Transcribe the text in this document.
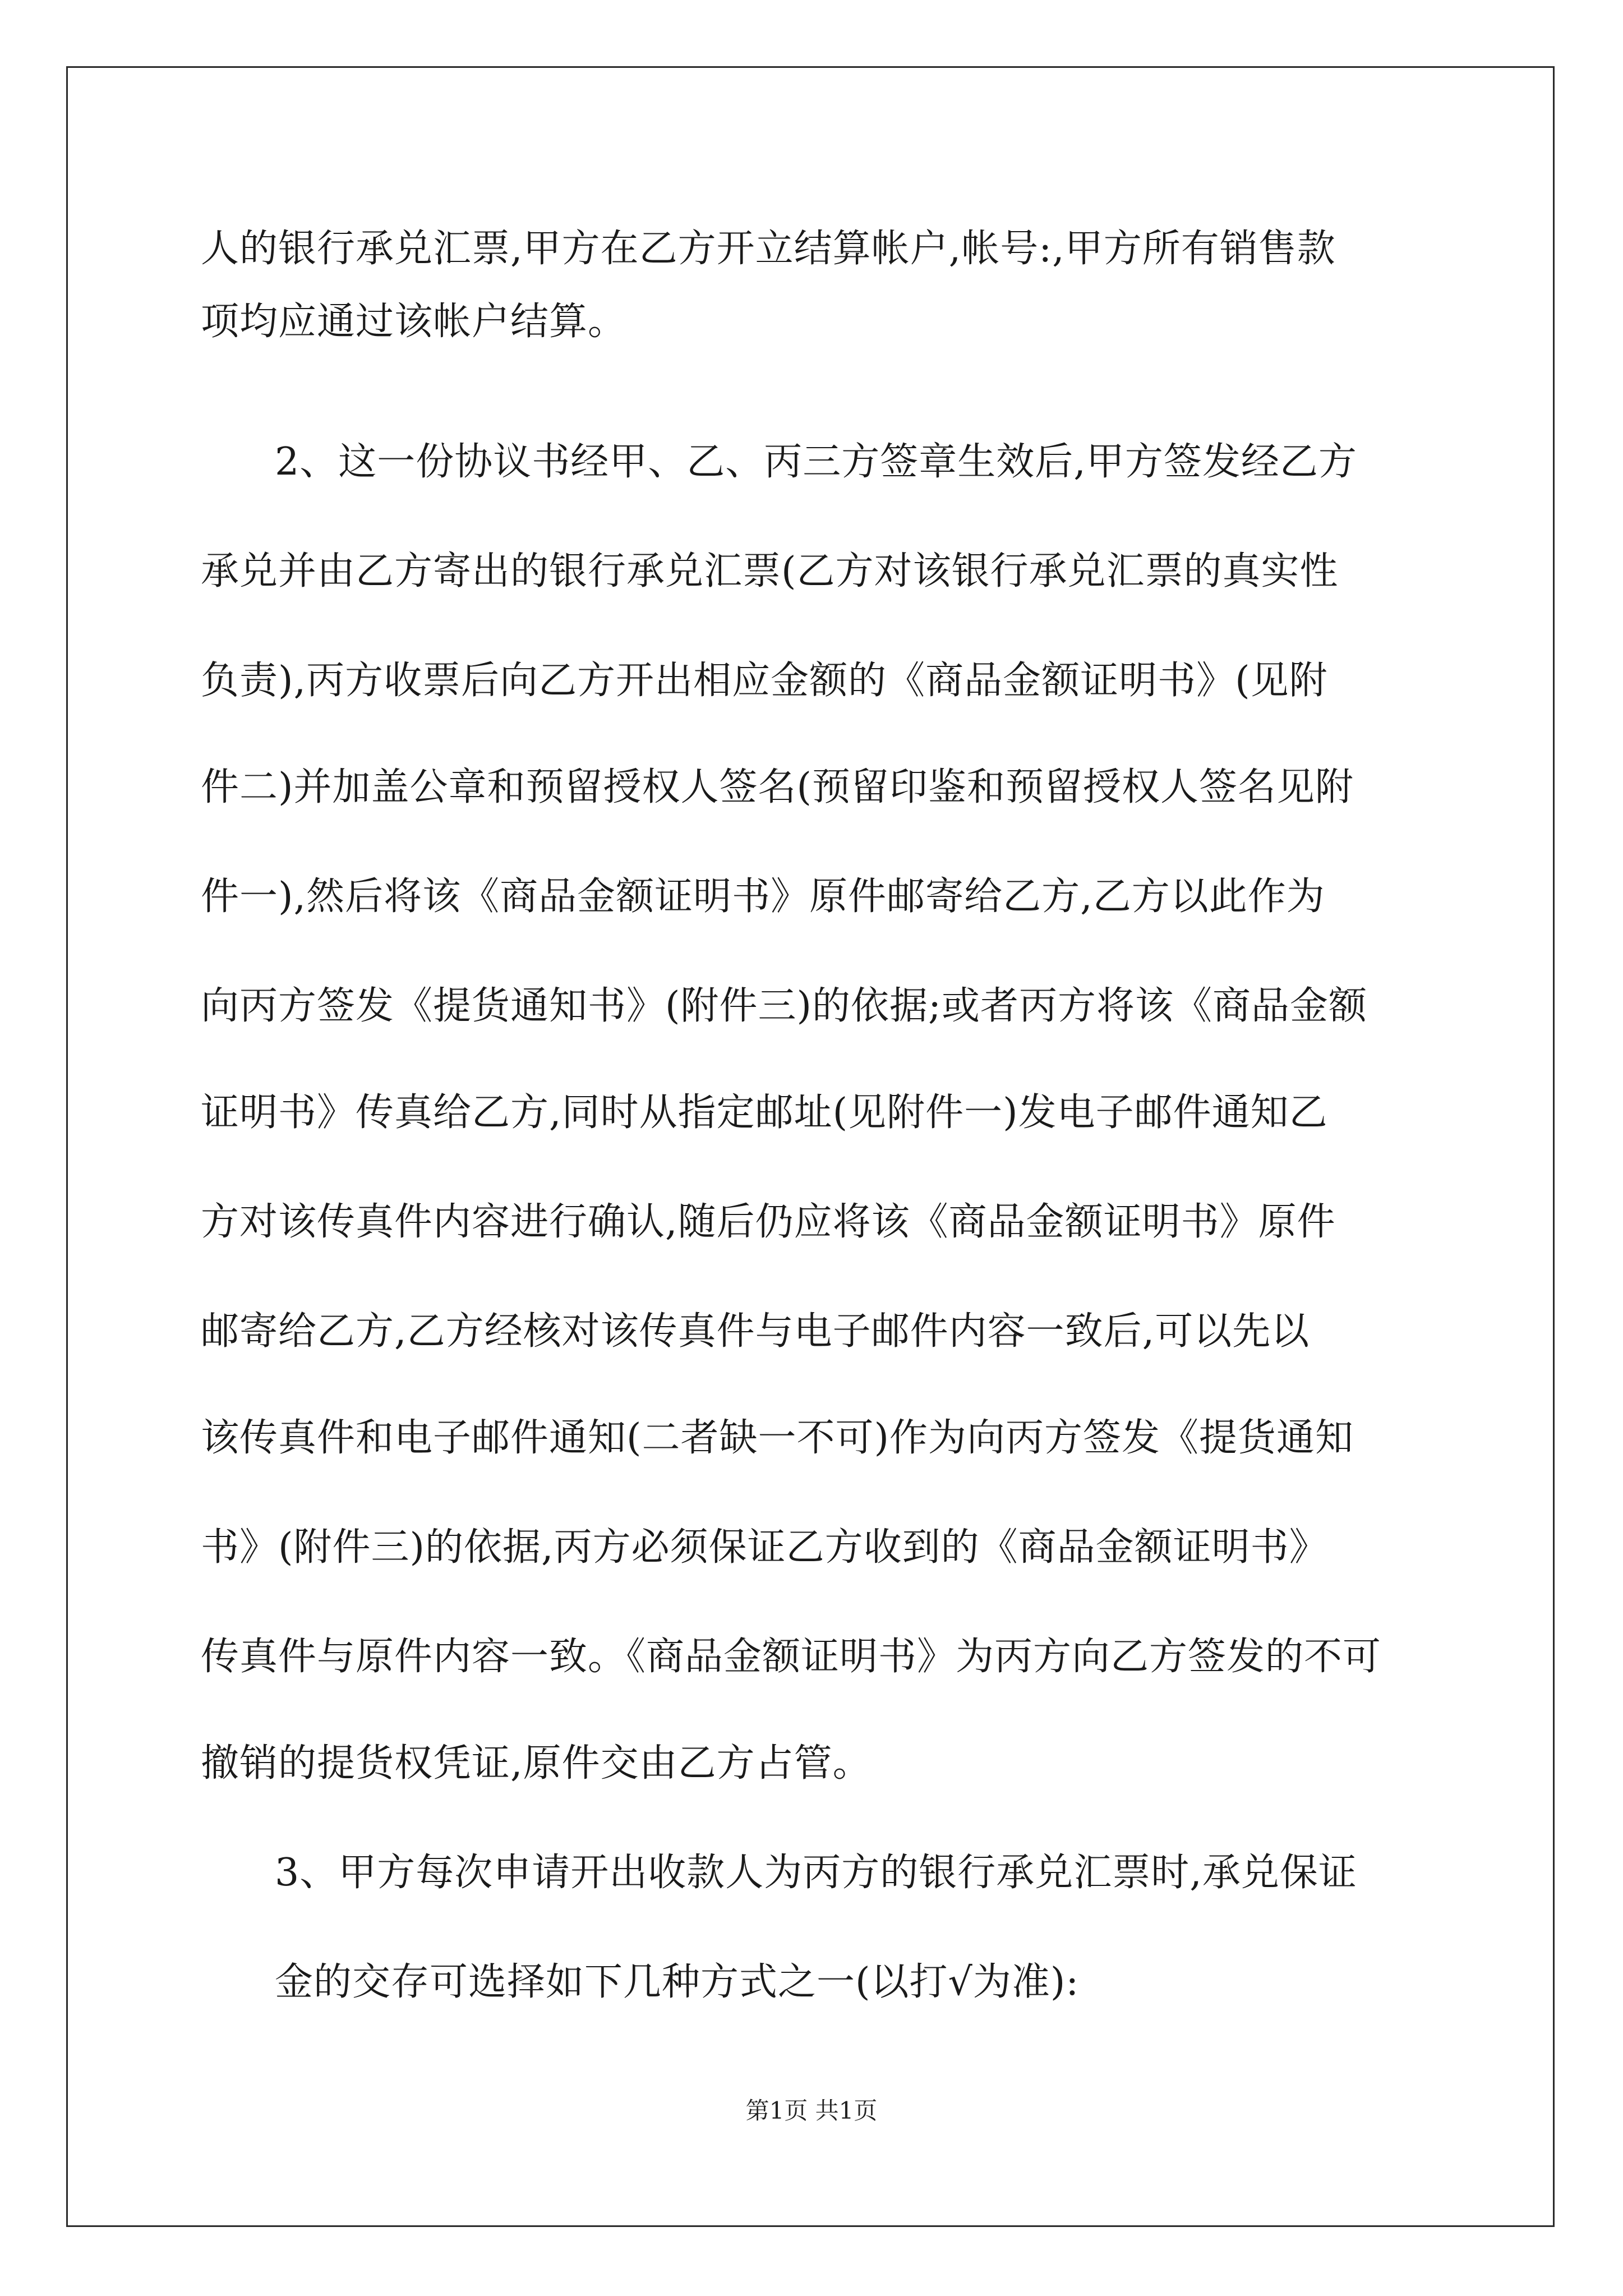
人的银行承兑汇票,甲方在乙方开立结算帐户,帐号:,甲方所有销售款
项均应通过该帐户结算。
2、这一份协议书经甲、乙、丙三方签章生效后,甲方签发经乙方
承兑并由乙方寄出的银行承兑汇票(乙方对该银行承兑汇票的真实性
负责),丙方收票后向乙方开出相应金额的《商品金额证明书》(见附
件二)并加盖公章和预留授权人签名(预留印鉴和预留授权人签名见附
件一),然后将该《商品金额证明书》原件邮寄给乙方,乙方以此作为
向丙方签发《提货通知书》(附件三)的依据;或者丙方将该《商品金额
证明书》传真给乙方,同时从指定邮址(见附件一)发电子邮件通知乙
方对该传真件内容进行确认,随后仍应将该《商品金额证明书》原件
邮寄给乙方,乙方经核对该传真件与电子邮件内容一致后,可以先以
该传真件和电子邮件通知(二者缺一不可)作为向丙方签发《提货通知
书》(附件三)的依据,丙方必须保证乙方收到的《商品金额证明书》
传真件与原件内容一致。《商品金额证明书》为丙方向乙方签发的不可
撤销的提货权凭证,原件交由乙方占管。
3、甲方每次申请开出收款人为丙方的银行承兑汇票时,承兑保证
金的交存可选择如下几种方式之一(以打√为准):
第1页 共1页
